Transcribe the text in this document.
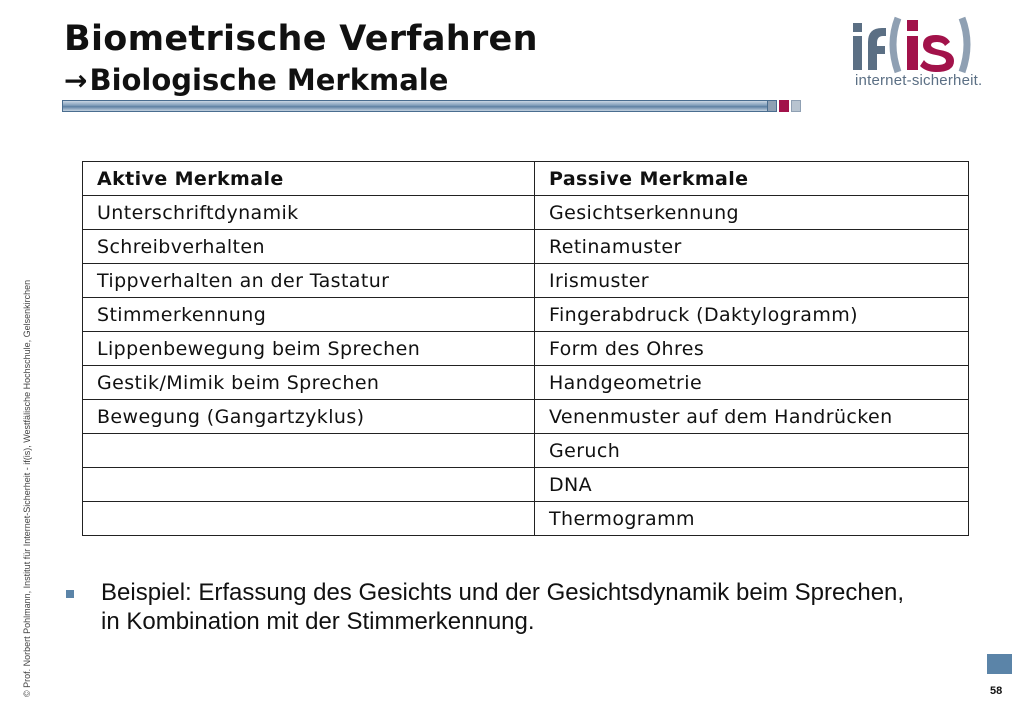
Biometrische Verfahren
→Biologische Merkmale	internet-sicherheit.
© Prof. Norbert Pohlmann, Institut für Internet-Sicherheit - if(is), Westfälische Hochschule, Gelsenkirchen
Aktive Merkmale	Passive Merkmale
Unterschriftdynamik	Gesichtserkennung
Schreibverhalten	Retinamuster
Tippverhalten an der Tastatur	Irismuster
Stimmerkennung	Fingerabdruck (Daktylogramm)
Lippenbewegung beim Sprechen	Form des Ohres
Gestik/Mimik beim Sprechen	Handgeometrie
Bewegung (Gangartzyklus)	Venenmuster auf dem Handrücken
	Geruch
	DNA
	Thermogramm
Beispiel: Erfassung des Gesichts und der Gesichtsdynamik beim Sprechen, in Kombination mit der Stimmerkennung.
58
